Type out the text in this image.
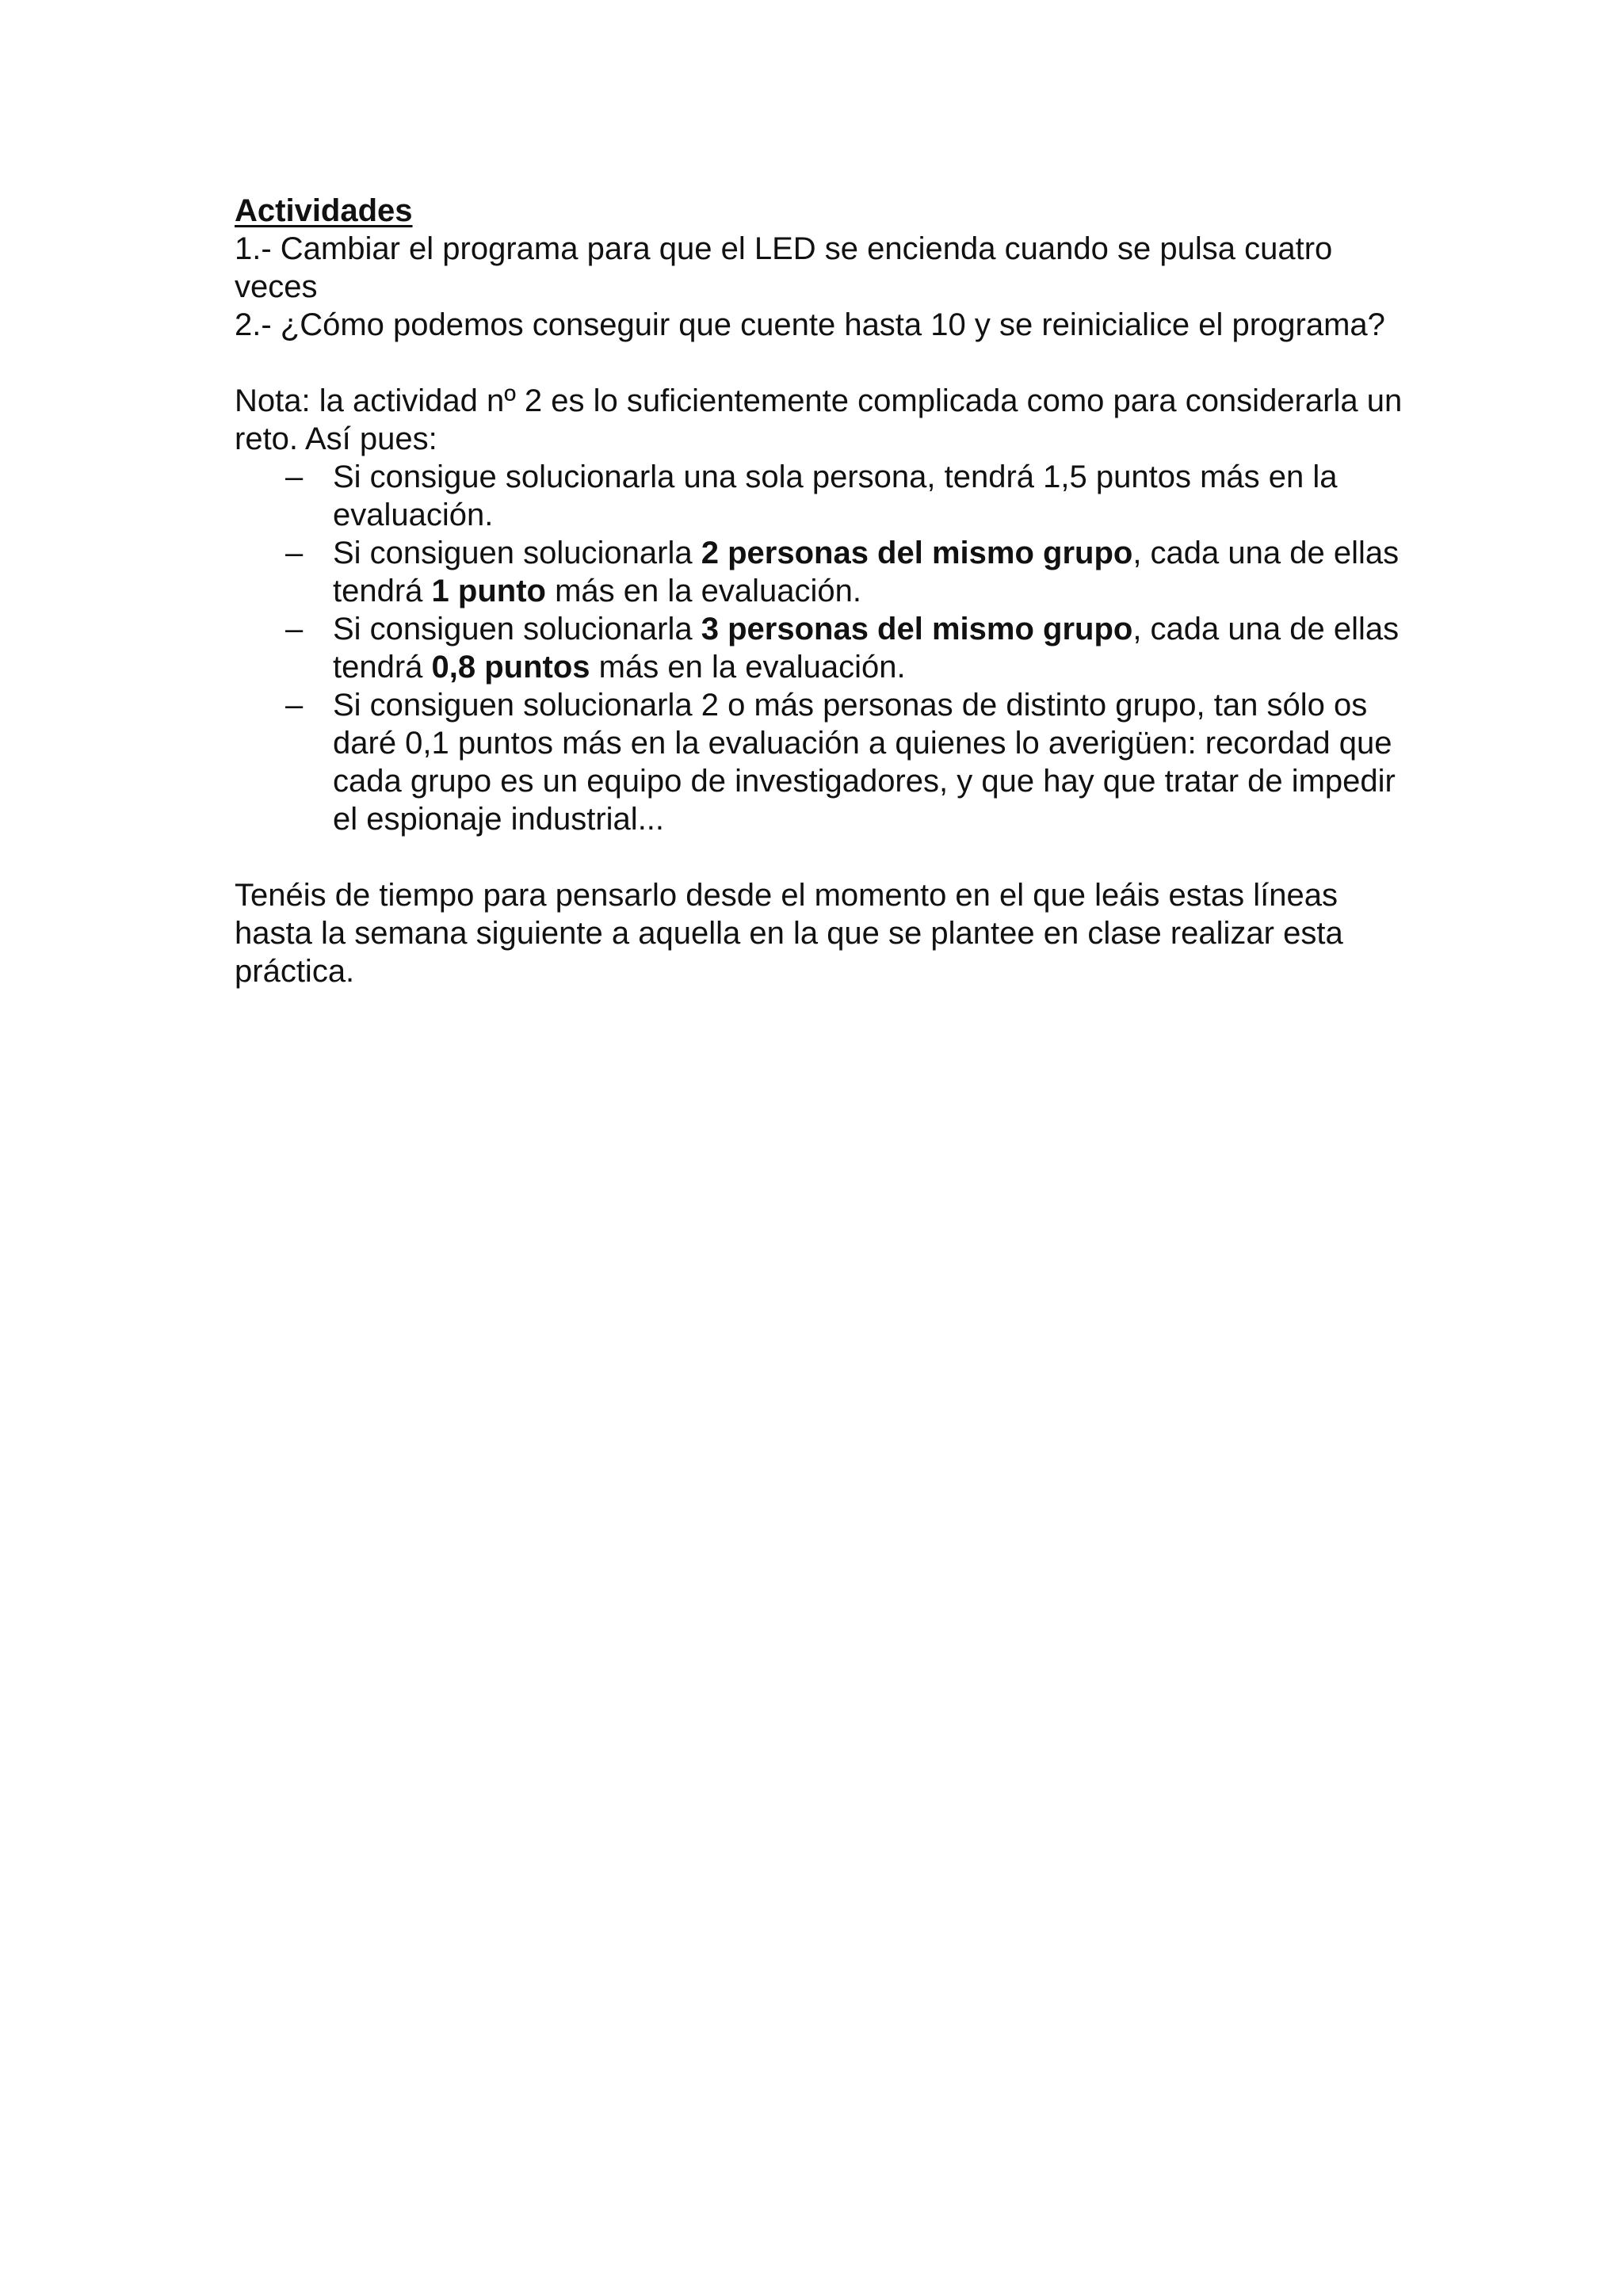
Actividades

1.- Cambiar el programa para que el LED se encienda cuando se pulsa cuatro veces

2.- ¿Cómo podemos conseguir que cuente hasta 10 y se reinicialice el programa?

Nota: la actividad nº 2 es lo suficientemente complicada como para considerarla un reto. Así pues:

– Si consigue solucionarla una sola persona, tendrá 1,5 puntos más en la evaluación.
– Si consiguen solucionarla 2 personas del mismo grupo, cada una de ellas tendrá 1 punto más en la evaluación.
– Si consiguen solucionarla 3 personas del mismo grupo, cada una de ellas tendrá 0,8 puntos más en la evaluación.
– Si consiguen solucionarla 2 o más personas de distinto grupo, tan sólo os daré 0,1 puntos más en la evaluación a quienes lo averigüen: recordad que cada grupo es un equipo de investigadores, y que hay que tratar de impedir el espionaje industrial...

Tenéis de tiempo para pensarlo desde el momento en el que leáis estas líneas hasta la semana siguiente a aquella en la que se plantee en clase realizar esta práctica.
